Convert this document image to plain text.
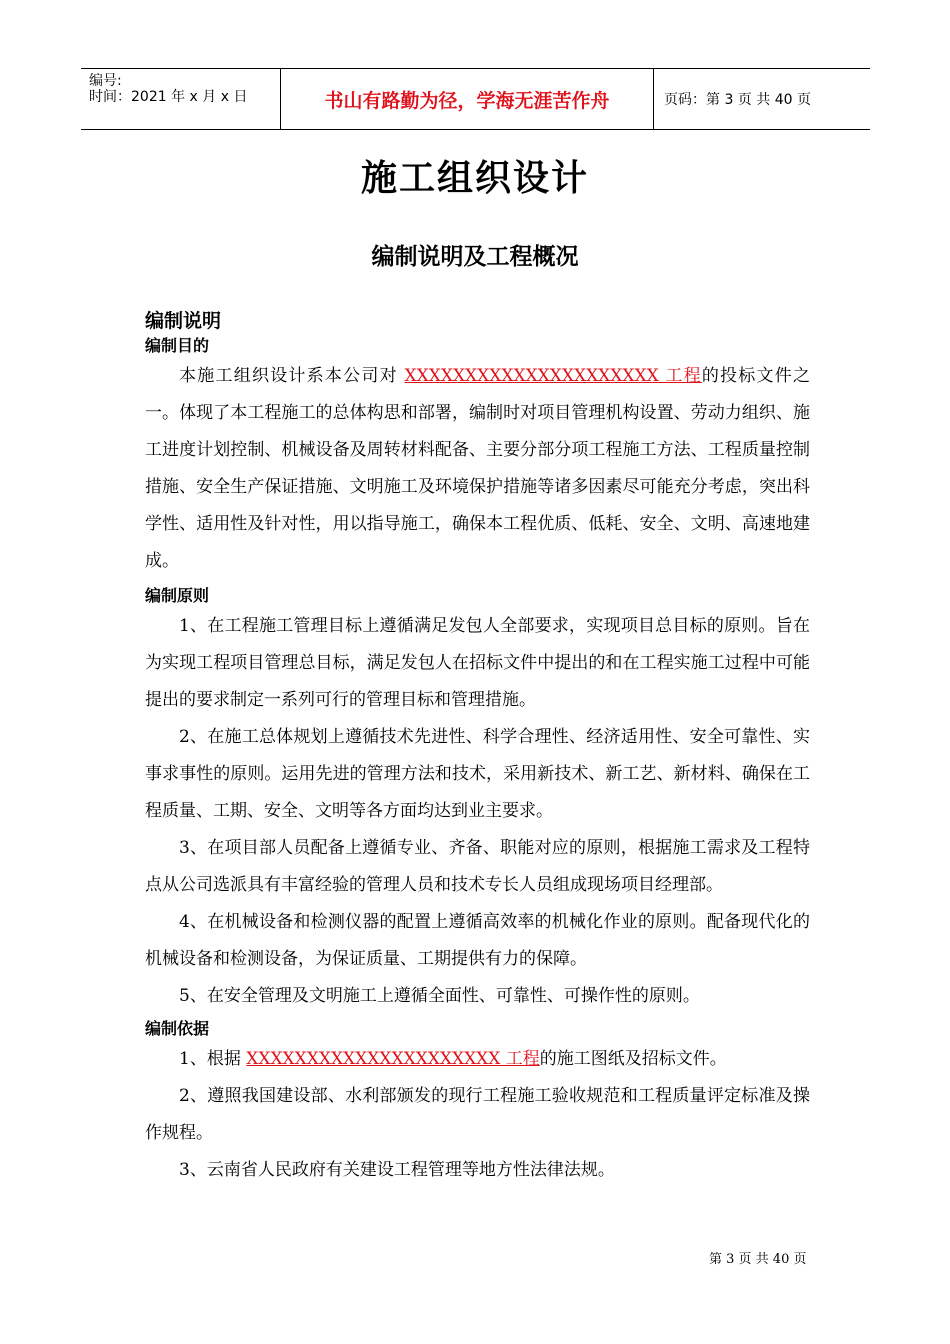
编号:
时间：2021 年 x 月 x 日	书山有路勤为径，学海无涯苦作舟	页码：第 3 页 共 40 页
施工组织设计
编制说明及工程概况
编制说明
编制目的

本施工组织设计系本公司对 XXXXXXXXXXXXXXXXXXXXX 工程的投标文件之一。体现了本工程施工的总体构思和部署，编制时对项目管理机构设置、劳动力组织、施工进度计划控制、机械设备及周转材料配备、主要分部分项工程施工方法、工程质量控制措施、安全生产保证措施、文明施工及环境保护措施等诸多因素尽可能充分考虑，突出科学性、适用性及针对性，用以指导施工，确保本工程优质、低耗、安全、文明、高速地建成。

编制原则

1、在工程施工管理目标上遵循满足发包人全部要求，实现项目总目标的原则。旨在为实现工程项目管理总目标，满足发包人在招标文件中提出的和在工程实施工过程中可能提出的要求制定一系列可行的管理目标和管理措施。

2、在施工总体规划上遵循技术先进性、科学合理性、经济适用性、安全可靠性、实事求事性的原则。运用先进的管理方法和技术，采用新技术、新工艺、新材料、确保在工程质量、工期、安全、文明等各方面均达到业主要求。

3、在项目部人员配备上遵循专业、齐备、职能对应的原则，根据施工需求及工程特点从公司选派具有丰富经验的管理人员和技术专长人员组成现场项目经理部。

4、在机械设备和检测仪器的配置上遵循高效率的机械化作业的原则。配备现代化的机械设备和检测设备，为保证质量、工期提供有力的保障。

5、在安全管理及文明施工上遵循全面性、可靠性、可操作性的原则。

编制依据

1、根据 XXXXXXXXXXXXXXXXXXXXX 工程的施工图纸及招标文件。

2、遵照我国建设部、水利部颁发的现行工程施工验收规范和工程质量评定标准及操作规程。

3、云南省人民政府有关建设工程管理等地方性法律法规。

第 3 页 共 40 页
